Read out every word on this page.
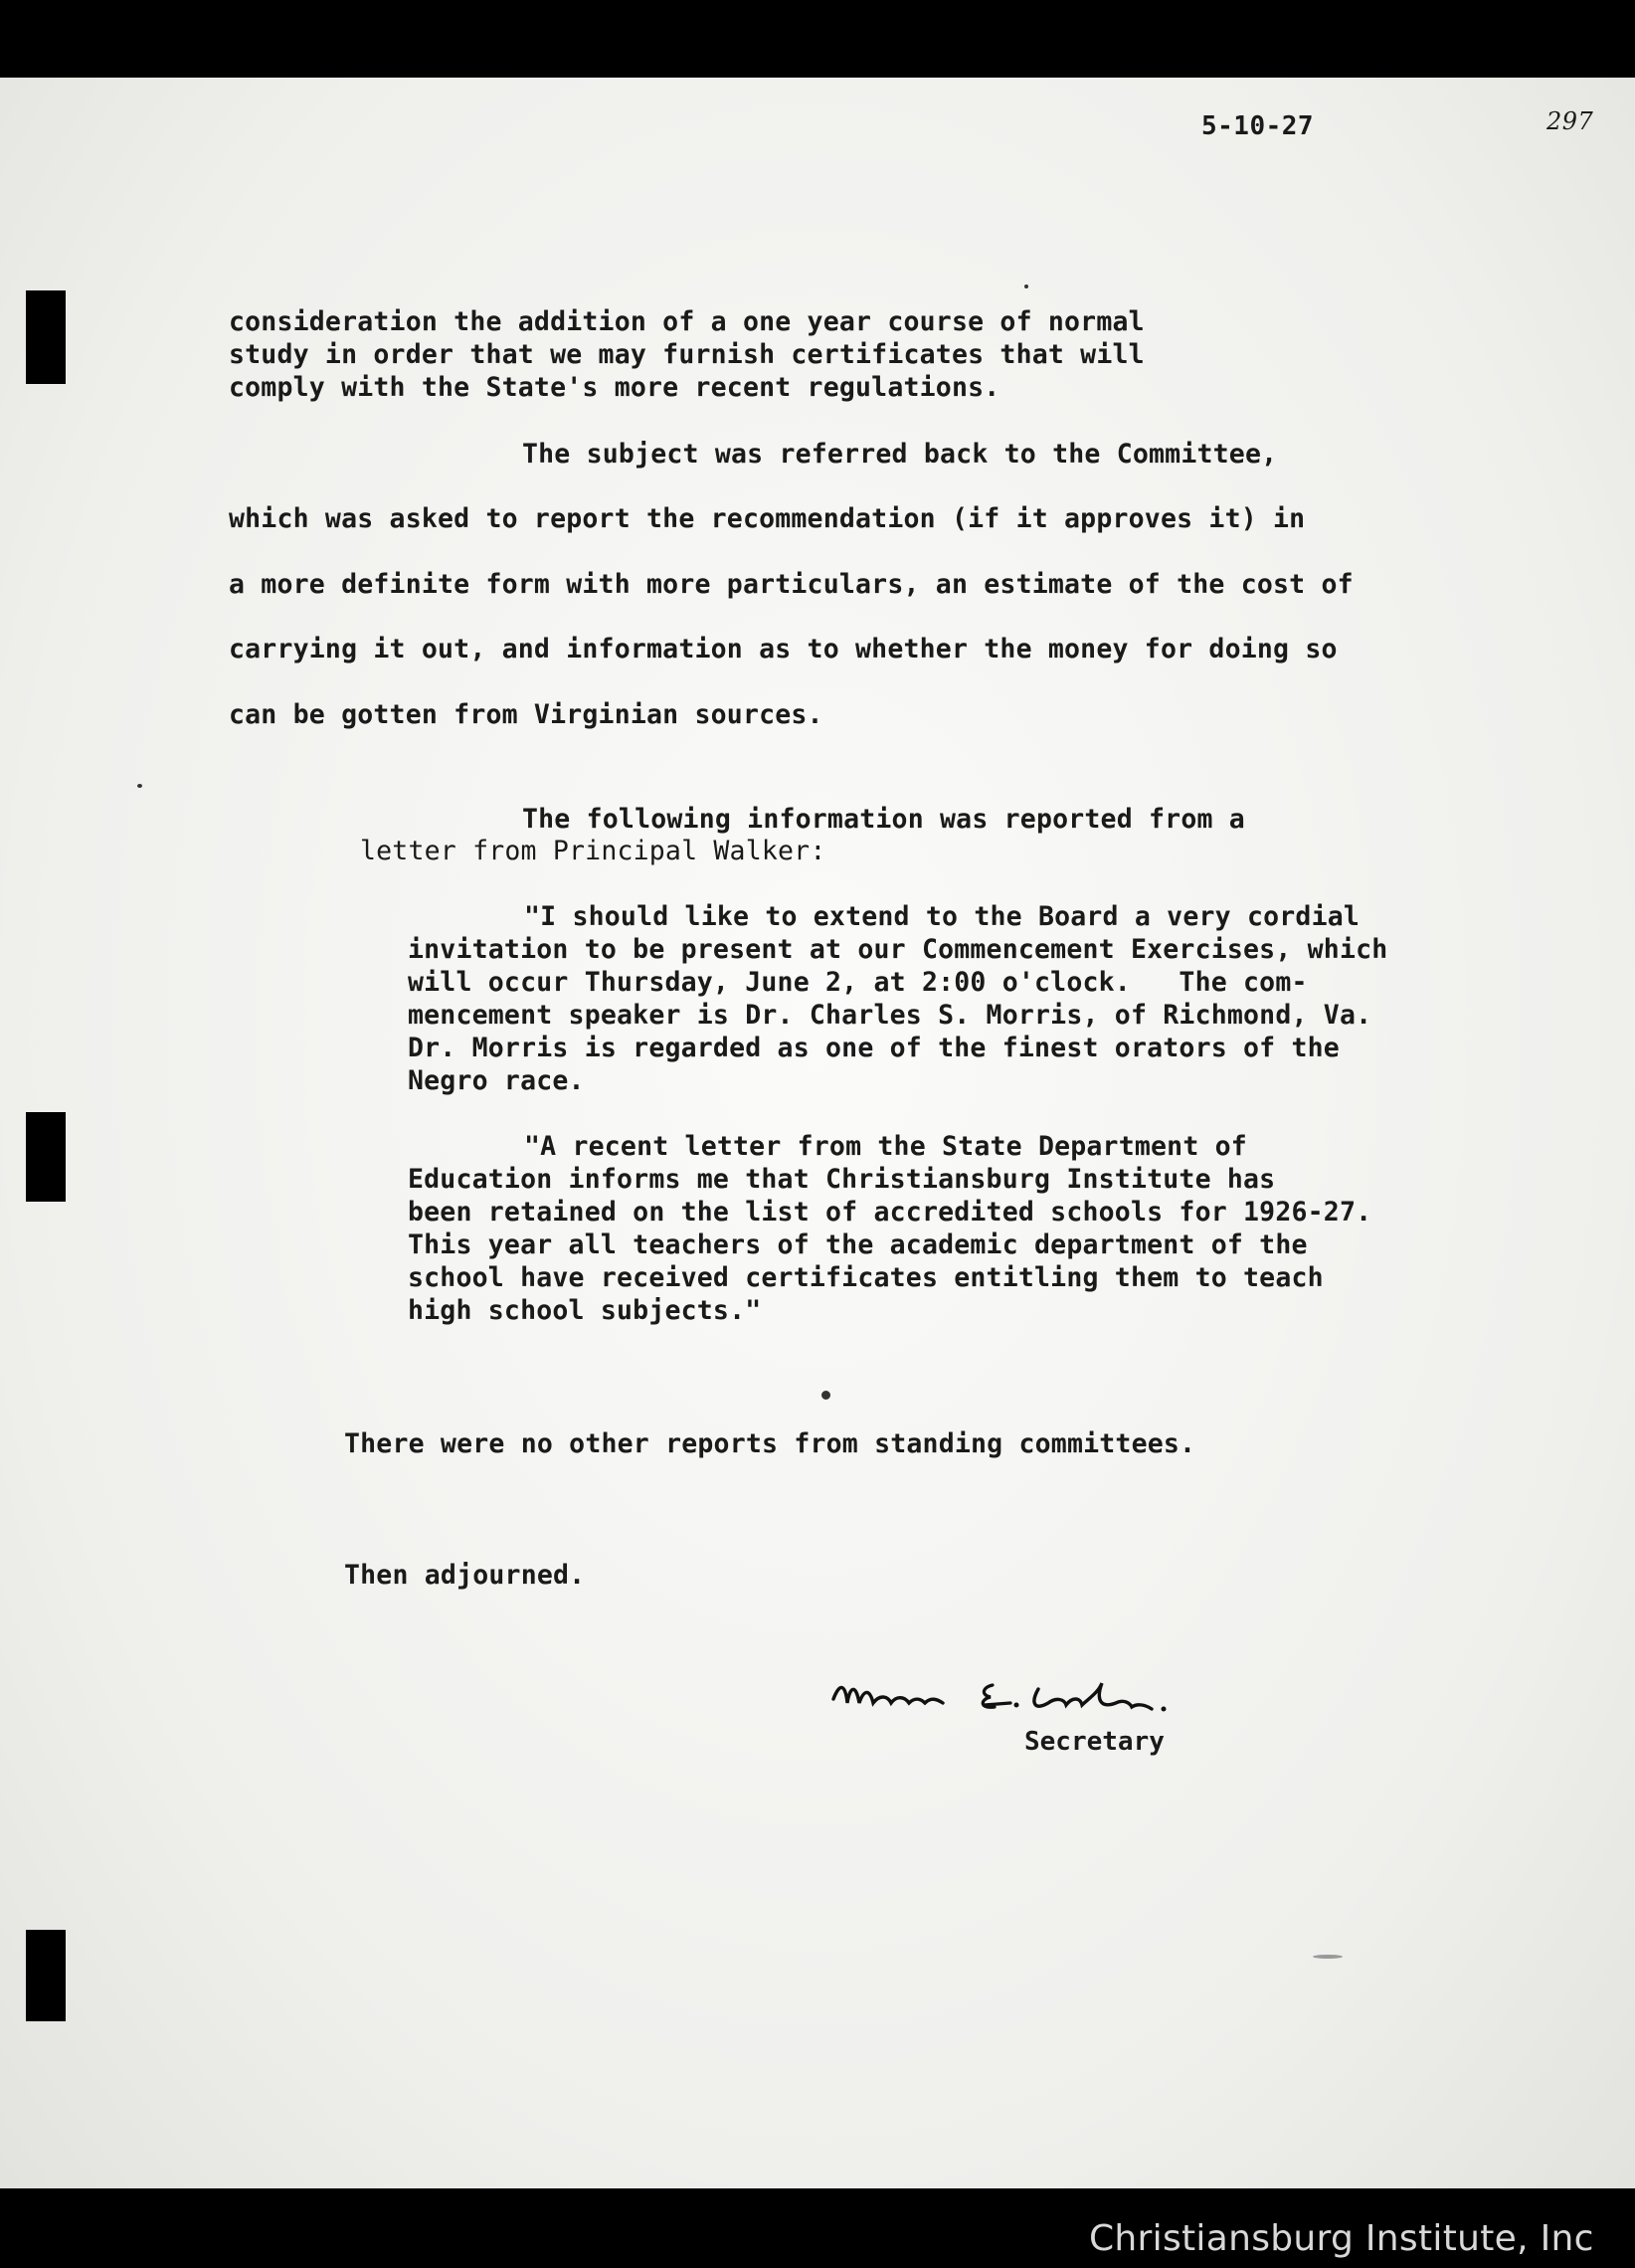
5-10-27	297
consideration the addition of a one year course of normal
study in order that we may furnish certificates that will
comply with the State's more recent regulations.
The subject was referred back to the Committee,
which was asked to report the recommendation (if it approves it) in
a more definite form with more particulars, an estimate of the cost of
carrying it out, and information as to whether the money for doing so
can be gotten from Virginian sources.
The following information was reported from a
letter from Principal Walker:
"I should like to extend to the Board a very cordial
invitation to be present at our Commencement Exercises, which
will occur Thursday, June 2, at 2:00 o'clock.   The com-
mencement speaker is Dr. Charles S. Morris, of Richmond, Va.
Dr. Morris is regarded as one of the finest orators of the
Negro race.
"A recent letter from the State Department of
Education informs me that Christiansburg Institute has
been retained on the list of accredited schools for 1926-27.
This year all teachers of the academic department of the
school have received certificates entitling them to teach
high school subjects."
There were no other reports from standing committees.
Then adjourned.
Secretary
Christiansburg Institute, Inc
